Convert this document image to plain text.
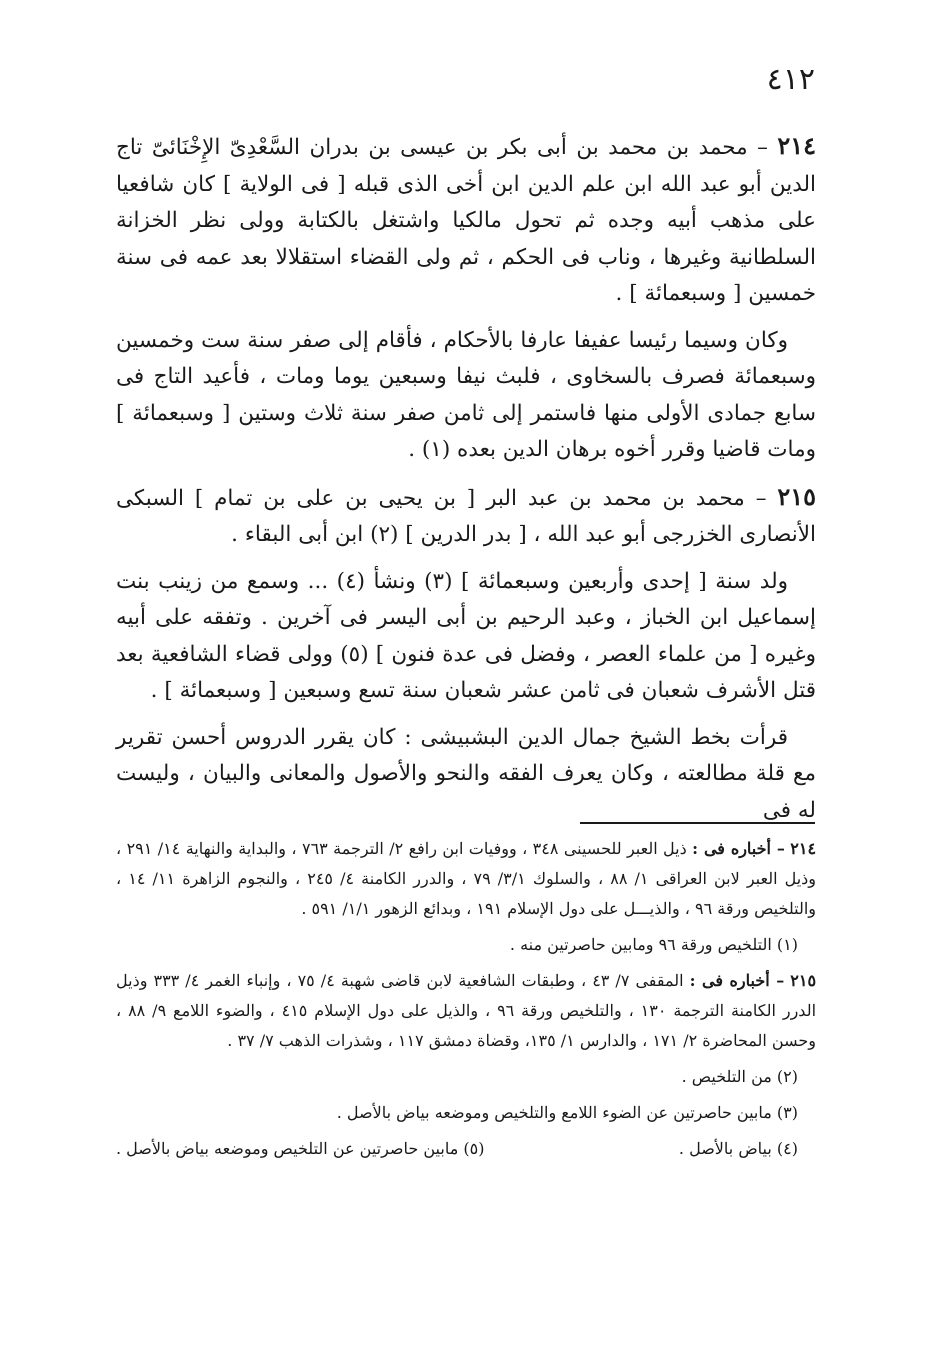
٤١٢

٢١٤ – محمد بن محمد بن أبى بكر بن عيسى بن بدران السَّعْدِىّ الإِخْنَائىّ تاج الدين أبو عبد الله ابن علم الدين ابن أخى الذى قبله [ فى الولاية ] كان شافعيا على مذهب أبيه وجده ثم تحول مالكيا واشتغل بالكتابة وولى نظر الخزانة السلطانية وغيرها ، وناب فى الحكم ، ثم ولى القضاء استقلالا بعد عمه فى سنة خمسين [ وسبعمائة ] .

وكان وسيما رئيسا عفيفا عارفا بالأحكام ، فأقام إلى صفر سنة ست وخمسين وسبعمائة فصرف بالسخاوى ، فلبث نيفا وسبعين يوما ومات ، فأعيد التاج فى سابع جمادى الأولى منها فاستمر إلى ثامن صفر سنة ثلاث وستين [ وسبعمائة ] ومات قاضيا وقرر أخوه برهان الدين بعده (١) .

٢١٥ – محمد بن محمد بن عبد البر [ بن يحيى بن على بن تمام ] السبكى الأنصارى الخزرجى أبو عبد الله ، [ بدر الدرين ] (٢) ابن أبى البقاء .

ولد سنة [ إحدى وأربعين وسبعمائة ] (٣) ونشأ (٤) ... وسمع من زينب بنت إسماعيل ابن الخباز ، وعبد الرحيم بن أبى اليسر فى آخرين . وتفقه على أبيه وغيره [ من علماء العصر ، وفضل فى عدة فنون ] (٥) وولى قضاء الشافعية بعد قتل الأشرف شعبان فى ثامن عشر شعبان سنة تسع وسبعين [ وسبعمائة ] .

قرأت بخط الشيخ جمال الدين البشبيشى : كان يقرر الدروس أحسن تقرير مع قلة مطالعته ، وكان يعرف الفقه والنحو والأصول والمعانى والبيان ، وليست له فى

٢١٤ – أخباره فى : ذيل العبر للحسينى ٣٤٨ ، ووفيات ابن رافع ٢/ الترجمة ٧٦٣ ، والبداية والنهاية ١٤/ ٢٩١ ، وذيل العبر لابن العراقى ١/ ٨٨ ، والسلوك ٣/١/ ٧٩ ، والدرر الكامنة ٤/ ٢٤٥ ، والنجوم الزاهرة ١١/ ١٤ ، والتلخيص ورقة ٩٦ ، والذيـــل على دول الإسلام ١٩١ ، وبدائع الزهور ١/١/ ٥٩١ .

(١) التلخيص ورقة ٩٦ ومابين حاصرتين منه .

٢١٥ – أخباره فى : المقفى ٧/ ٤٣ ، وطبقات الشافعية لابن قاضى شهبة ٤/ ٧٥ ، وإنباء الغمر ٤/ ٣٣٣ وذيل الدرر الكامنة الترجمة ١٣٠ ، والتلخيص ورقة ٩٦ ، والذيل على دول الإسلام ٤١٥ ، والضوء اللامع ٩/ ٨٨ ، وحسن المحاضرة ٢/ ١٧١ ، والدارس ١/ ١٣٥، وقضاة دمشق ١١٧ ، وشذرات الذهب ٧/ ٣٧ .

(٢) من التلخيص .

(٣) مابين حاصرتين عن الضوء اللامع والتلخيص وموضعه بياض بالأصل .

(٤) بياض بالأصل .
(٥) مابين حاصرتين عن التلخيص وموضعه بياض بالأصل .
